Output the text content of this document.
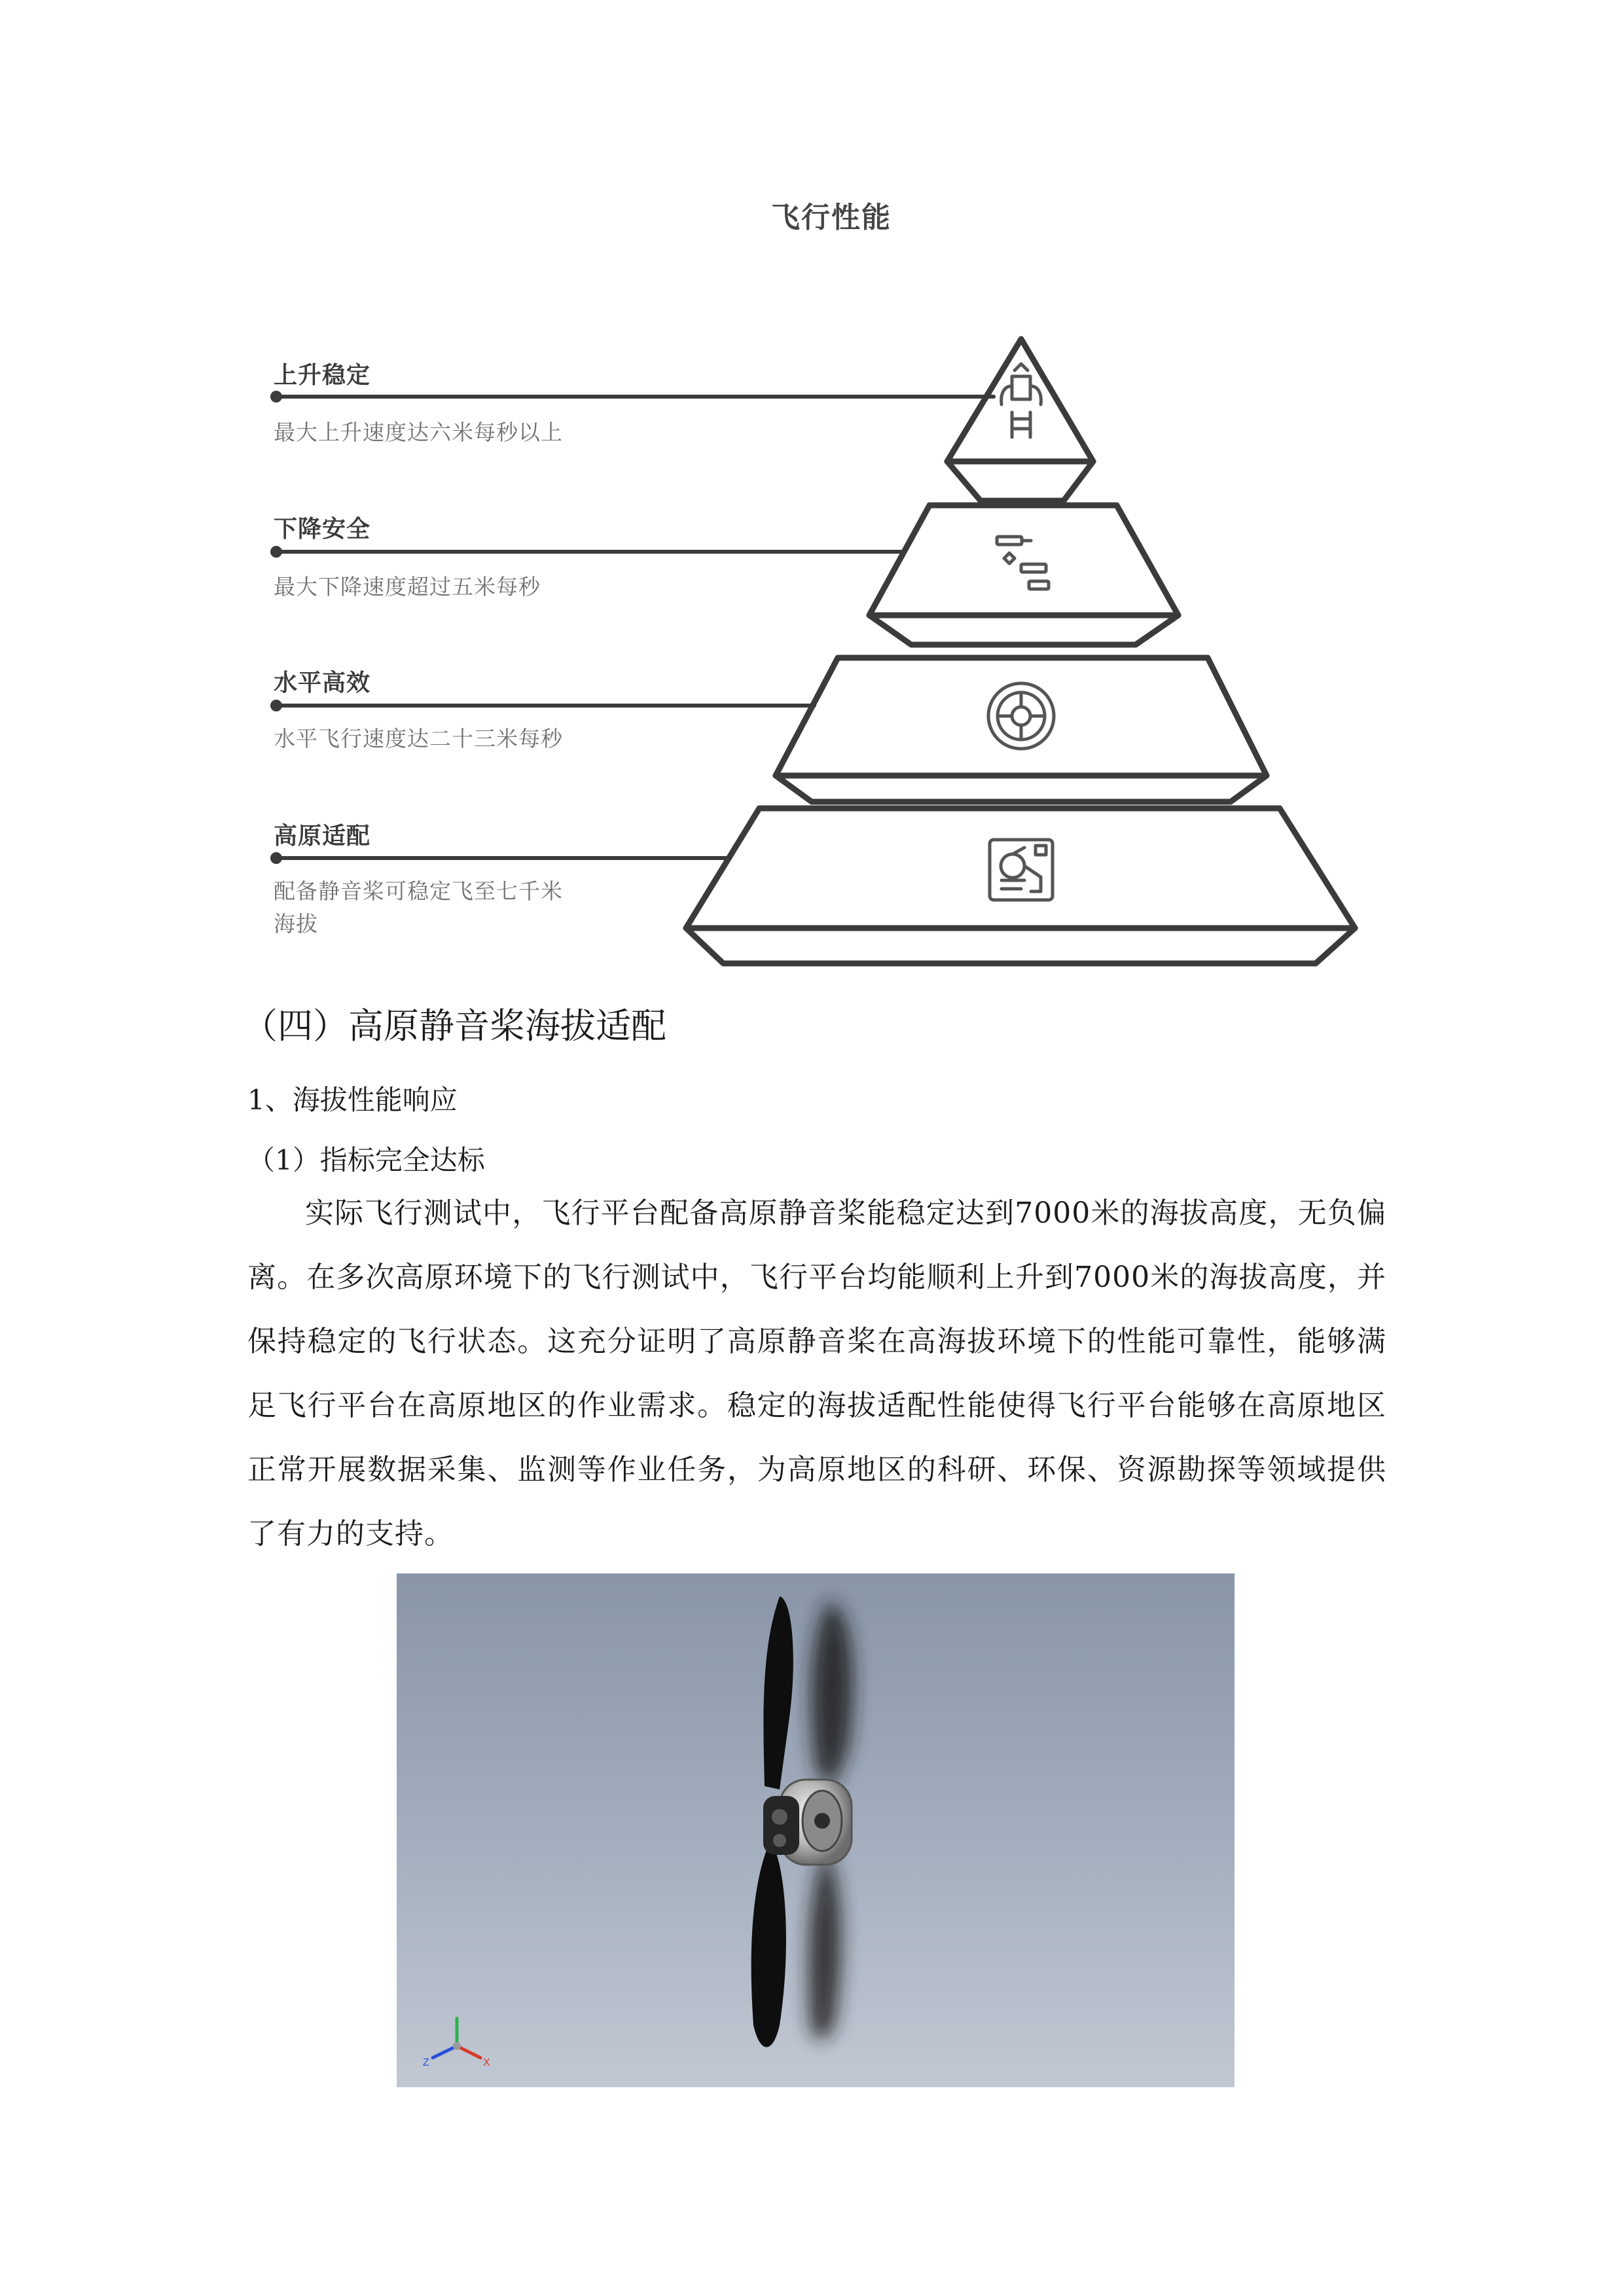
飞行性能
上升稳定
最大上升速度达六米每秒以上
下降安全
最大下降速度超过五米每秒
水平高效
水平飞行速度达二十三米每秒
高原适配
配备静音桨可稳定飞至七千米
海拔
（四）高原静音桨海拔适配
1、海拔性能响应
（1）指标完全达标
实际飞行测试中，飞行平台配备高原静音桨能稳定达到7000米的海拔高度，无负偏离。在多次高原环境下的飞行测试中，飞行平台均能顺利上升到7000米的海拔高度，并保持稳定的飞行状态。这充分证明了高原静音桨在高海拔环境下的性能可靠性，能够满足飞行平台在高原地区的作业需求。稳定的海拔适配性能使得飞行平台能够在高原地区正常开展数据采集、监测等作业任务，为高原地区的科研、环保、资源勘探等领域提供了有力的支持。
Z	X
